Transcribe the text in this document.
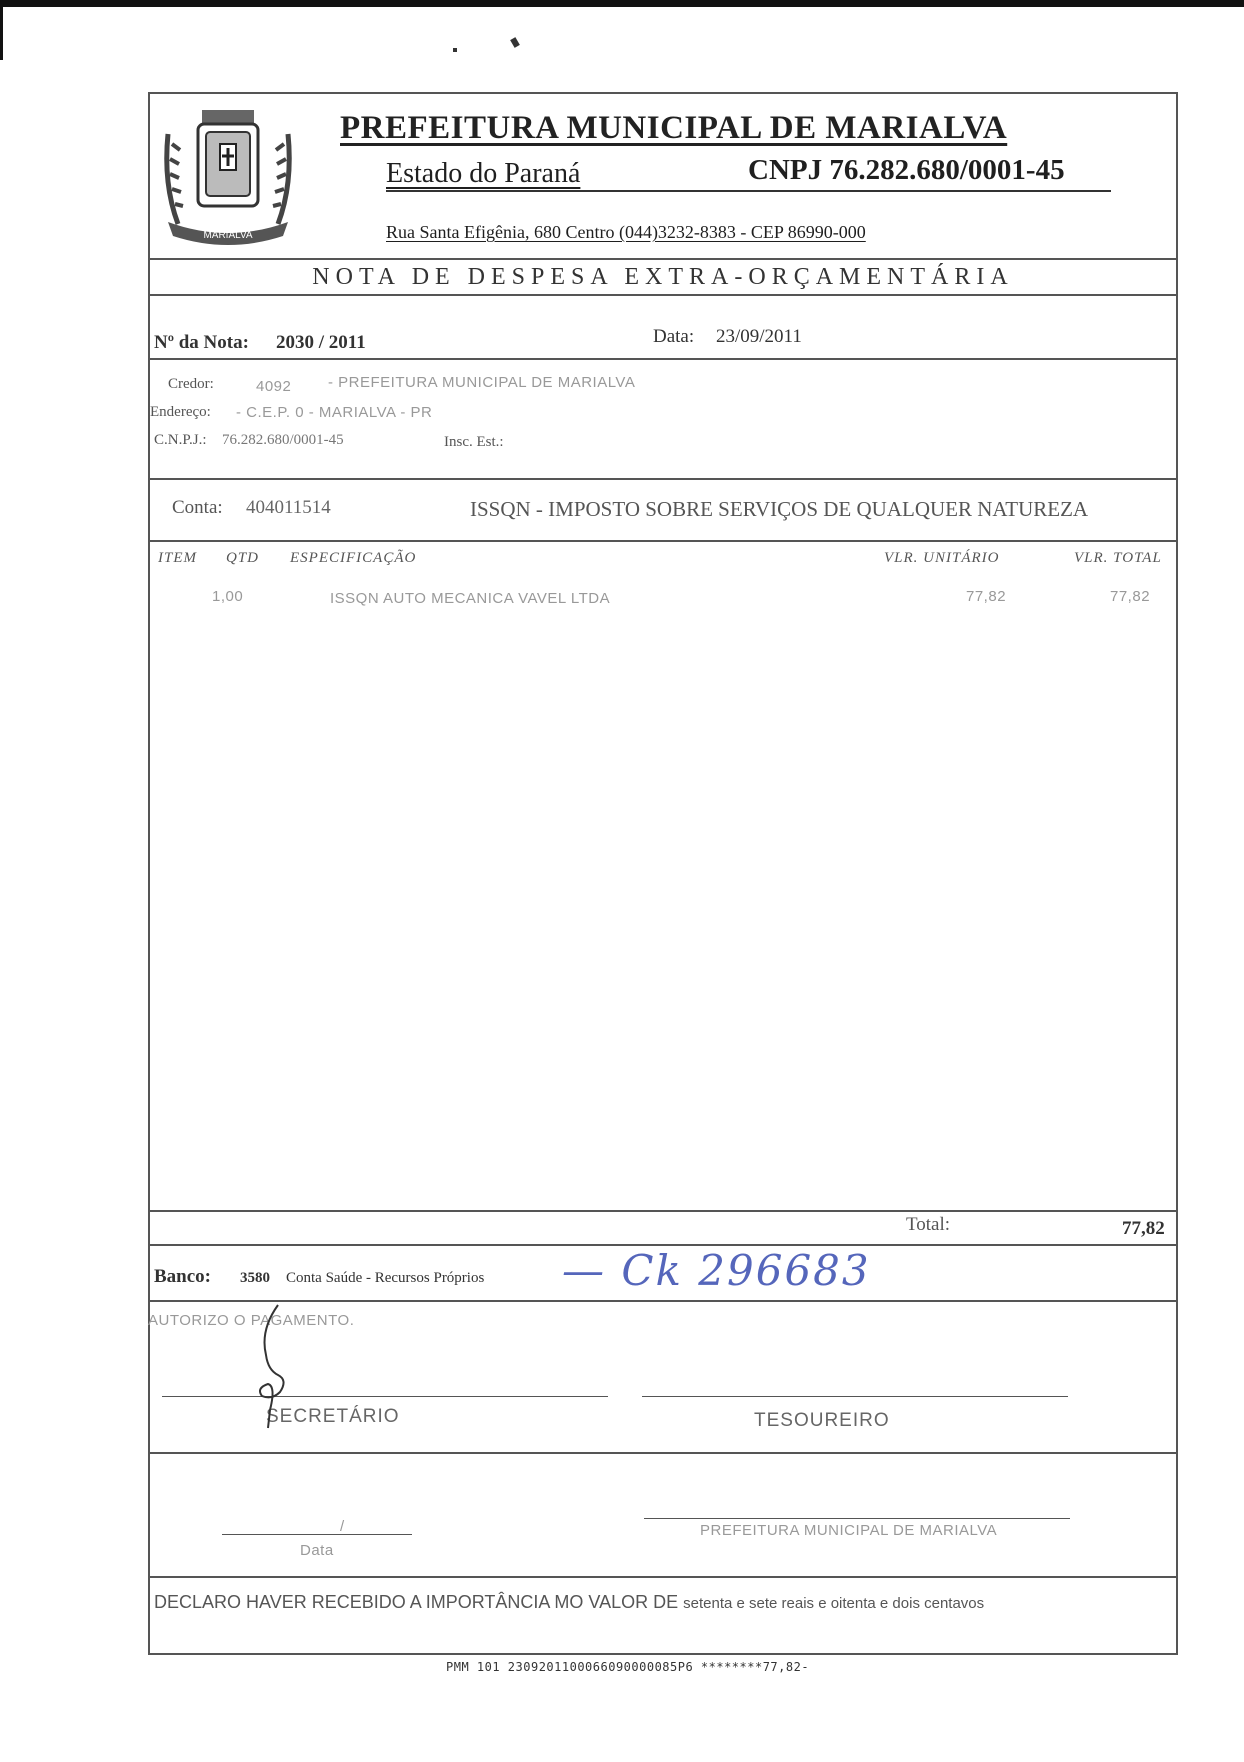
MARIALVA
PREFEITURA MUNICIPAL DE MARIALVA
Estado do Paraná	CNPJ 76.282.680/0001-45
Rua Santa Efigênia, 680 Centro (044)3232-8383 - CEP 86990-000
NOTA DE DESPESA EXTRA-ORÇAMENTÁRIA
Nº da Nota: 2030 / 2011	Data: 23/09/2011
Credor:	4092 - PREFEITURA MUNICIPAL DE MARIALVA
Endereço: - C.E.P. 0 - MARIALVA - PR
C.N.P.J.: 76.282.680/0001-45	Insc. Est.:
Conta: 404011514	ISSQN - IMPOSTO SOBRE SERVIÇOS DE QUALQUER NATUREZA
ITEM QTD ESPECIFICAÇÃO	VLR. UNITÁRIO	VLR. TOTAL
1,00	ISSQN AUTO MECANICA VAVEL LTDA	77,82	77,82
Total:	77,82
Banco: 3580 Conta Saúde - Recursos Próprios
AUTORIZO O PAGAMENTO.
SECRETÁRIO	TESOUREIRO
/
Data
PREFEITURA MUNICIPAL DE MARIALVA
DECLARO HAVER RECEBIDO A IMPORTÂNCIA MO VALOR DE setenta e sete reais e oitenta e dois centavos
— Ck 296683
PMM 101 2309201100066090000085P6 ********77,82-
